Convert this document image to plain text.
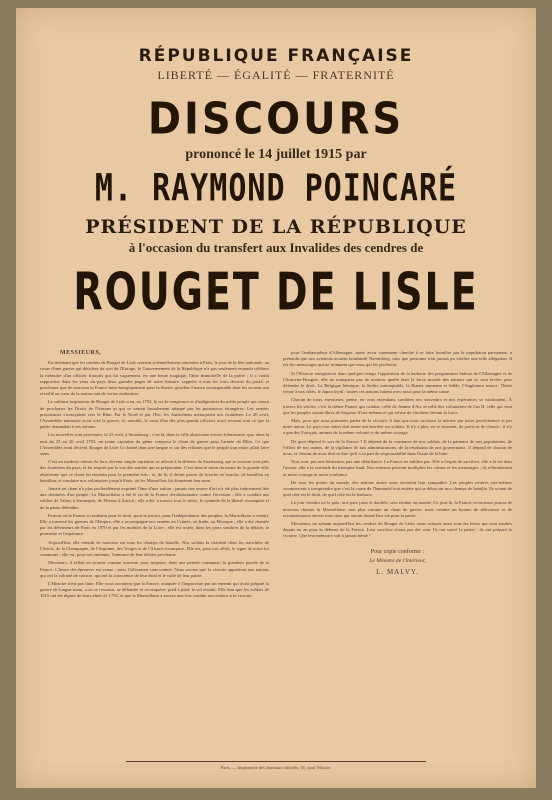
RÉPUBLIQUE FRANÇAISE
LIBERTÉ — ÉGALITÉ — FRATERNITÉ
DISCOURS
prononcé le 14 juillet 1915 par
M. RAYMOND POINCARÉ
PRÉSIDENT DE LA RÉPUBLIQUE
à l'occasion du transfert aux Invalides des cendres de
ROUGET DE LISLE
MESSIEURS,

En destinant que les cendres de Rouget de Lisle seraient solennellement ramenées à Paris, le jour de la fête nationale, au cours d'une guerre qui décidera du sort de l'Europe, le Gouvernement de la République n'a pas seulement entendu célébrer la mémoire d'un officier français qui fut vaguement, en une heure magique, l'âme immortelle de la patrie ; il a voulu rapprocher dans les yeux du pays deux grandes pages de notre histoire, rappeler à tous les forts devoirs du passé, et proclamer que de nouveau la France lutte énergiquement pour la liberté, glorifier l'œuvre incomparable dont les accents ont réveillé au cœur de la nation tant de vertus endormies.

Le sublime inspirateur de Rouget de Lisle a eu, en 1792, le cri de vengeance et d'indignation du noble peuple qui venait de proclamer les Droits de l'homme et qui se sentait brutalement attaqué par les puissances étrangères. Les armées prussiennes s'avançaient vers le Rhin. Par le Nord et par l'Est, les Autrichiens menaçaient nos frontières. Le 20 avril, l'Assemblée nationale avait voté la guerre, et, aussitôt, le cœur d'un des plus grands officiers avait ressenti tout ce que la patrie demandait à ses enfants.

Les nouvelles sont parvenues, le 25 avril, à Strasbourg ; c'est là, dans la ville alsacienne encore frémissante, que, dans la nuit du 25 au 26 avril 1792, un jeune capitaine du génie composa le chant de guerre pour l'armée du Rhin. Ce que l'Assemblée avait décrété, Rouget de Lisle l'a chanté dans une langue et sur des rythmes que le peuple tout entier allait faire siens.

C'est un modeste enfant du Jura, devenu simple capitaine, et affecté à la défense de Strasbourg, qui se trouvait tout près des frontières du pays, et fut inspiré par la vue des armées qui se préparaient. C'est dans le salon du maire de la grande ville alsacienne que ce chant fut entendu pour la première fois ; et, de là, il devait passer de bouche en bouche, de bataillon en bataillon, et conduire nos volontaires jusqu'à Paris, où les Marseillais lui donnèrent leur nom.

Jamais un chant n'a plus profondément exprimé l'âme d'une nation ; jamais une œuvre d'art n'a été plus intimement liée aux destinées d'un peuple. La Marseillaise a été le cri de la France révolutionnaire contre l'invasion ; elle a conduit nos soldats de Valmy à Jemmapes, de Fleurus à Zurich ; elle a été, à travers tout le siècle, le symbole de la liberté reconquise et de la patrie défendue.

Partout où la France a combattu pour le droit, pour la justice, pour l'indépendance des peuples, la Marseillaise a retenti. Elle a traversé les guerres de l'Empire, elle a accompagné nos armées en Crimée, en Italie, au Mexique ; elle a été chantée par les défenseurs de Paris en 1870 et par les mobiles de la Loire ; elle est restée, dans les jours sombres de la défaite, la promesse et l'espérance.

Aujourd'hui, elle retentit de nouveau sur tous les champs de bataille. Nos soldats la chantent dans les tranchées de l'Artois, de la Champagne, de l'Argonne, des Vosges et de l'Alsace reconquise. Elle est, pour nos alliés, le signe de notre foi commune ; elle est, pour nos ennemis, l'annonce de leur défaite prochaine.

Messieurs, il fallait en trouver comme souvenir pour toujours, dans une pensée commune, la grandeur passée de la France. L'heure des épreuves est venue ; nous l'affrontons sans crainte. Nous savons que la victoire appartient aux nations qui ont la volonté de vaincre, qui ont la conscience de leur droit et le culte de leur patrie.

L'Histoire n'est pas finie. Elle vous racontera que la France, attaquée à l'improviste par un ennemi qui avait préparé la guerre de longue main, a su se ressaisir, se défendre et reconquérir, pied à pied, le sol envahi. Elle dira que les soldats de 1915 ont été dignes de leurs aînés de 1792, et que la Marseillaise a encore une fois conduit nos enfants à la victoire.

pour l'ambassadeur d'Allemagne, après avoir vainement cherché à se faire humilier par la population parisienne, a prétendu que nos aviateurs avaient bombardé Nuremberg, sans que personne n'ait jamais pu vérifier une telle allégation. Il est des mensonges qui ne trompent que ceux qui les profèrent.

Si l'Histoire enregistrera dans quelques temps l'opposition de la barbarie des programmes hideux de l'Allemagne et de l'Autriche-Hongrie, elle ne manquera pas de montrer quelle était la force morale des nations qui se sont levées pour défendre le droit. La Belgique héroïque, la Serbie indomptable, la Russie immense et fidèle, l'Angleterre tenace, l'Italie venue à nos côtés, le Japon loyal : toutes ces nations luttent avec nous pour la même cause.

Chacun de nous, messieurs, pense, en vous entendant, combien nos souvenirs et nos espérances se confondent. À travers les siècles, c'est la même France qui combat, celle de Jeanne d'Arc et celle des volontaires de l'an II, celle qui veut que les peuples soient libres de disposer d'eux-mêmes et qui refuse de s'incliner devant la force.

Mais, pour que nous puissions parler de la victoire, il faut que nous sachions la mériter par notre persévérance et par notre union. Le pays tout entier doit rester uni derrière ses soldats. Il n'y a plus, en ce moment, de partis ni de classes ; il n'y a que des Français, animés de la même volonté et du même courage.

De quoi dépend le sort de la France ? Il dépend de la constance de nos soldats, de la patience de nos populations, de l'effort de nos usines, de la vigilance de nos administrations, de la résolution de nos gouvernants. Il dépend de chacun de nous, et chacun de nous doit se dire qu'il a sa part de responsabilité dans l'issue de la lutte.

Non, non, pas une hésitation, pas une défaillance. La France ne faiblira pas. Elle a l'esprit de sacrifice, elle a la foi dans l'avenir, elle a la certitude du triomphe final. Nos ennemis peuvent multiplier les crimes et les mensonges ; ils n'ébranleront ni notre courage ni notre confiance.

De tous les points du monde, des nations amies nous envoient leur sympathie. Les peuples neutres eux-mêmes commencent à comprendre que c'est la cause de l'humanité tout entière qui se débat sur nos champs de bataille. Ils voient de quel côté est le droit, de quel côté est la barbarie.

Le jour viendra où la paix, une paix juste et durable, sera rendue au monde. Ce jour-là, la France victorieuse pourra de nouveau chanter la Marseillaise, non plus comme un chant de guerre, mais comme un hymne de délivrance et de reconnaissance envers tous ceux qui auront donné leur vie pour la patrie.

Messieurs, en saluant aujourd'hui les cendres de Rouget de Lisle, nous saluons aussi tous les héros qui sont tombés depuis un an pour la défense de la France. Leur sacrifice n'aura pas été vain. Ils ont sauvé la patrie ; ils ont préparé la victoire. Que leur mémoire soit à jamais bénie !

Pour copie conforme :
Le Ministre de l'Intérieur,
L. MALVY.
Paris. — Imprimerie des Journaux officiels, 31, quai Voltaire.
